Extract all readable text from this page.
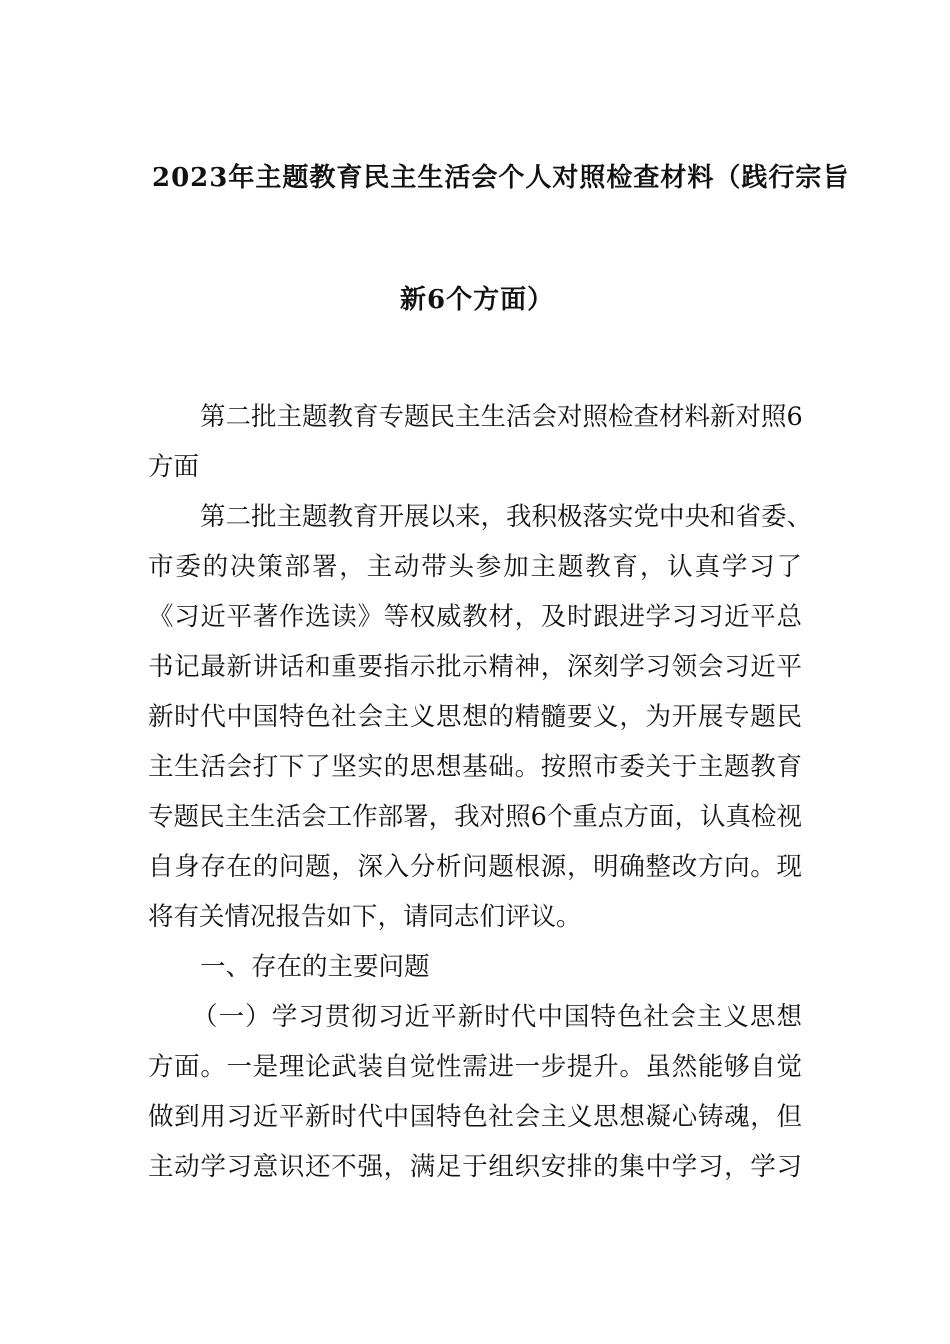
2023年主题教育民主生活会个人对照检查材料（践行宗旨
新6个方面）
第二批主题教育专题民主生活会对照检查材料新对照6
方面
第二批主题教育开展以来，我积极落实党中央和省委、
市委的决策部署，主动带头参加主题教育，认真学习了
《习近平著作选读》等权威教材，及时跟进学习习近平总
书记最新讲话和重要指示批示精神，深刻学习领会习近平
新时代中国特色社会主义思想的精髓要义，为开展专题民
主生活会打下了坚实的思想基础。按照市委关于主题教育
专题民主生活会工作部署，我对照6个重点方面，认真检视
自身存在的问题，深入分析问题根源，明确整改方向。现
将有关情况报告如下，请同志们评议。
一、存在的主要问题
（一）学习贯彻习近平新时代中国特色社会主义思想
方面。一是理论武装自觉性需进一步提升。虽然能够自觉
做到用习近平新时代中国特色社会主义思想凝心铸魂，但
主动学习意识还不强，满足于组织安排的集中学习，学习
